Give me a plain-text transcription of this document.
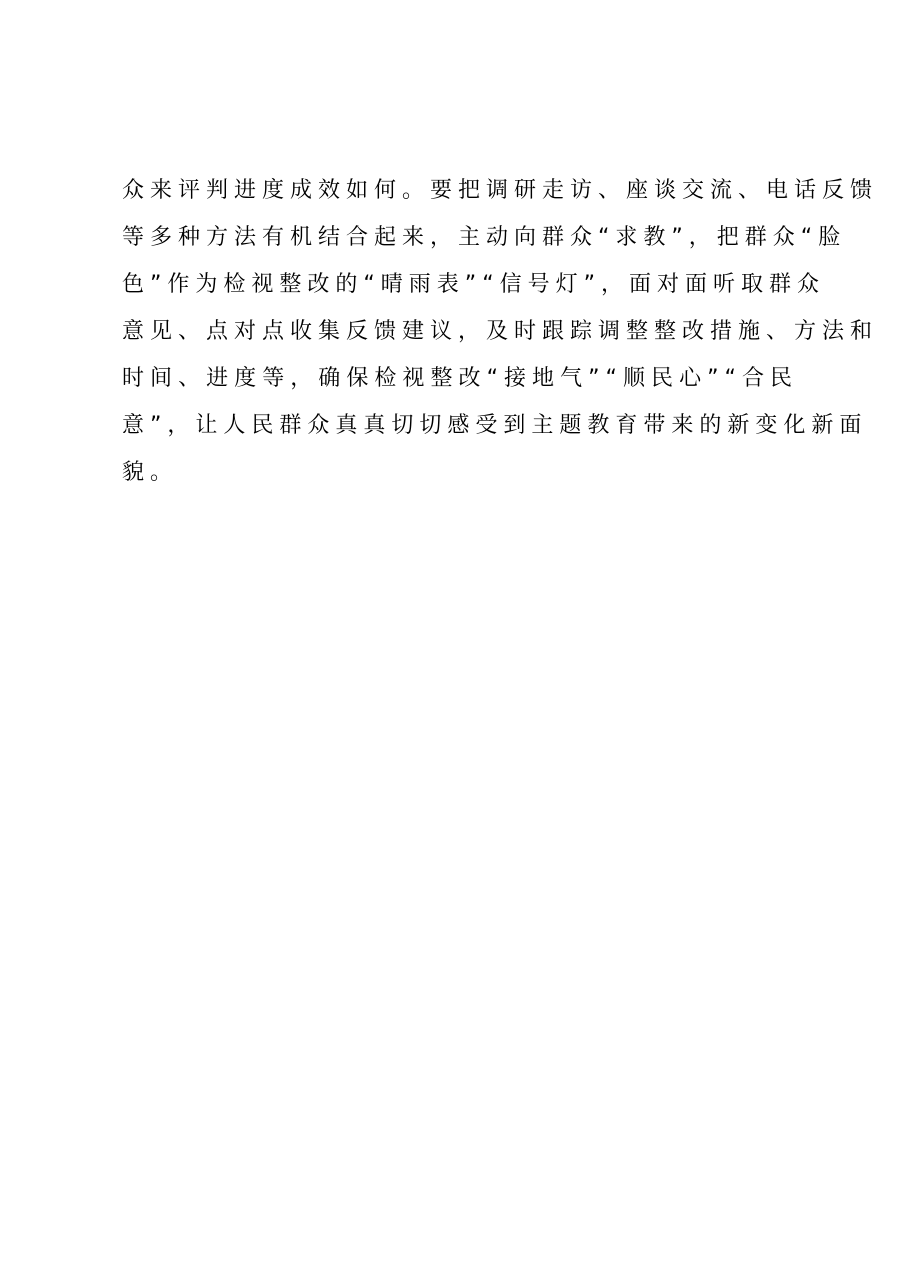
众来评判进度成效如何。要把调研走访、座谈交流、电话反馈
等多种方法有机结合起来，主动向群众“求教”，把群众“脸
色”作为检视整改的“晴雨表”“信号灯”，面对面听取群众
意见、点对点收集反馈建议，及时跟踪调整整改措施、方法和
时间、进度等，确保检视整改“接地气”“顺民心”“合民
意”，让人民群众真真切切感受到主题教育带来的新变化新面
貌。
